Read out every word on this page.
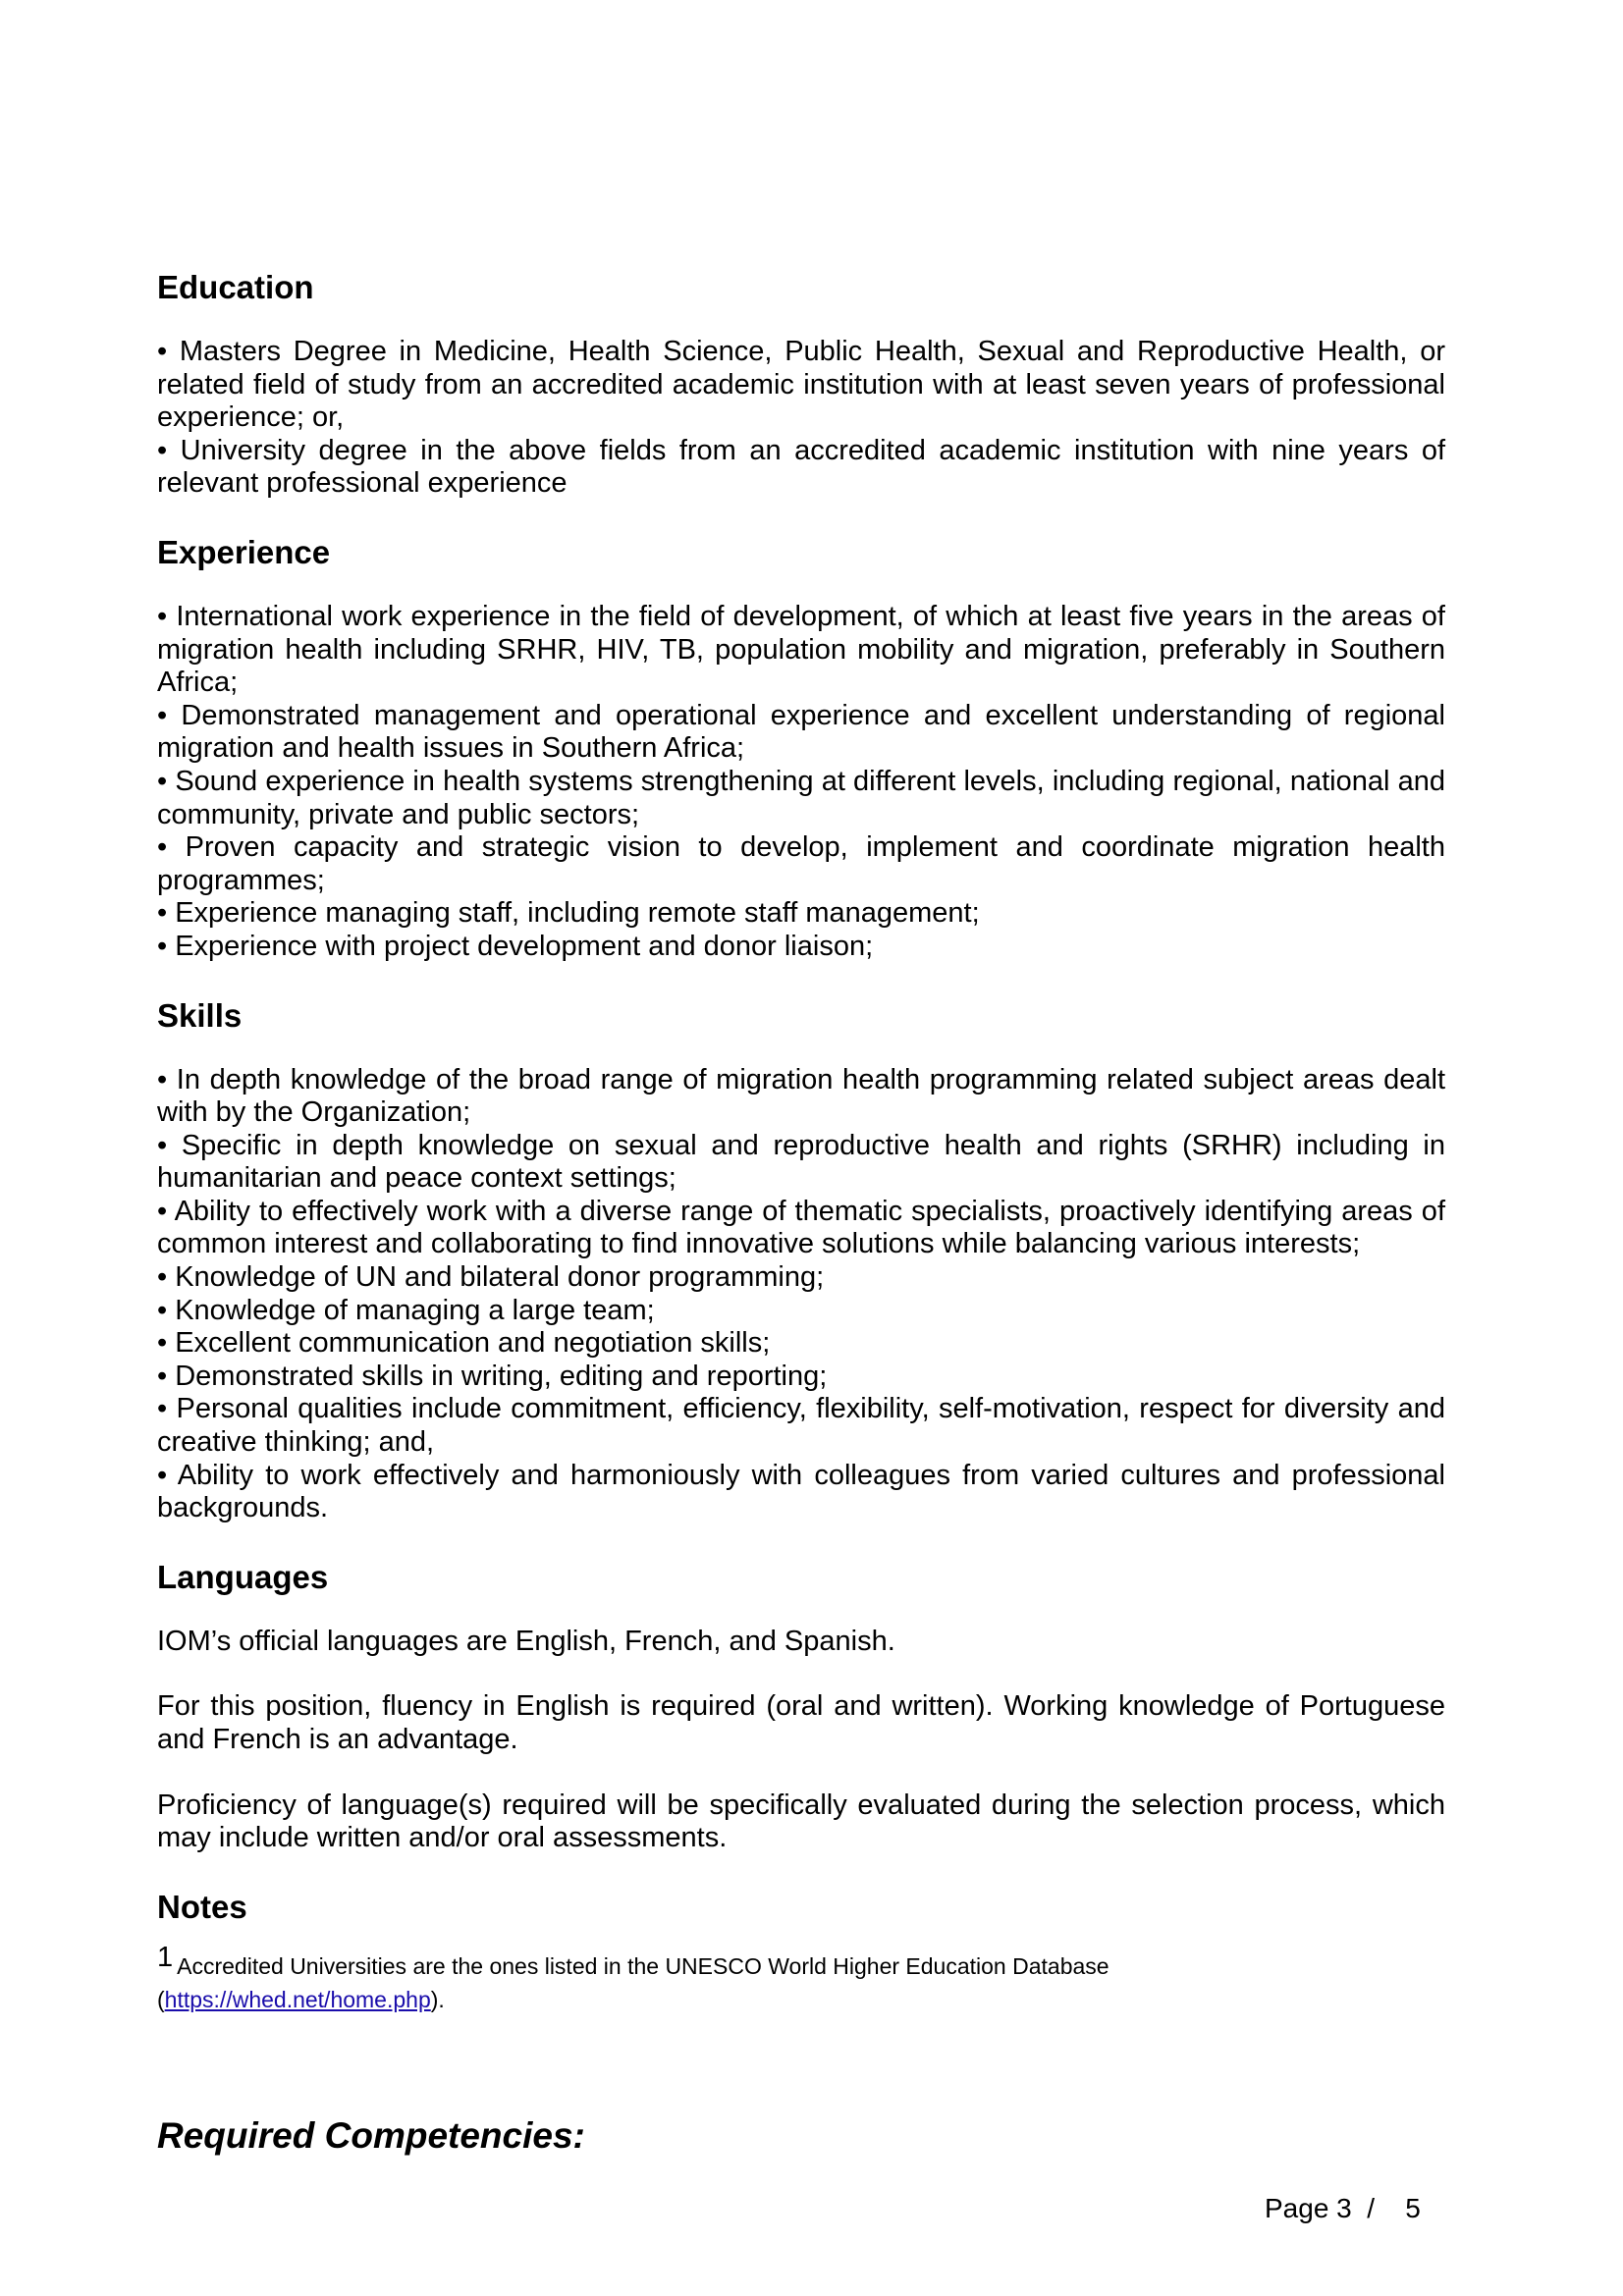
Education

• Masters Degree in Medicine, Health Science, Public Health, Sexual and Reproductive Health, or related field of study from an accredited academic institution with at least seven years of professional experience; or,

• University degree in the above fields from an accredited academic institution with nine years of relevant professional experience

Experience

• International work experience in the field of development, of which at least five years in the areas of migration health including SRHR, HIV, TB, population mobility and migration, preferably in Southern Africa;

• Demonstrated management and operational experience and excellent understanding of regional migration and health issues in Southern Africa;

• Sound experience in health systems strengthening at different levels, including regional, national and community, private and public sectors;

• Proven capacity and strategic vision to develop, implement and coordinate migration health programmes;

• Experience managing staff, including remote staff management;

• Experience with project development and donor liaison;

Skills

• In depth knowledge of the broad range of migration health programming related subject areas dealt with by the Organization;

• Specific in depth knowledge on sexual and reproductive health and rights (SRHR) including in humanitarian and peace context settings;

• Ability to effectively work with a diverse range of thematic specialists, proactively identifying areas of common interest and collaborating to find innovative solutions while balancing various interests;

• Knowledge of UN and bilateral donor programming;

• Knowledge of managing a large team;

• Excellent communication and negotiation skills;

• Demonstrated skills in writing, editing and reporting;

• Personal qualities include commitment, efficiency, flexibility, self-motivation, respect for diversity and creative thinking; and,

• Ability to work effectively and harmoniously with colleagues from varied cultures and professional backgrounds.

Languages

IOM’s official languages are English, French, and Spanish.

For this position, fluency in English is required (oral and written). Working knowledge of Portuguese and French is an advantage.

Proficiency of language(s) required will be specifically evaluated during the selection process, which may include written and/or oral assessments.

Notes

$^1$ Accredited Universities are the ones listed in the UNESCO World Higher Education Database

(https://whed.net/home.php).

Required Competencies:
Page 3  /    5
